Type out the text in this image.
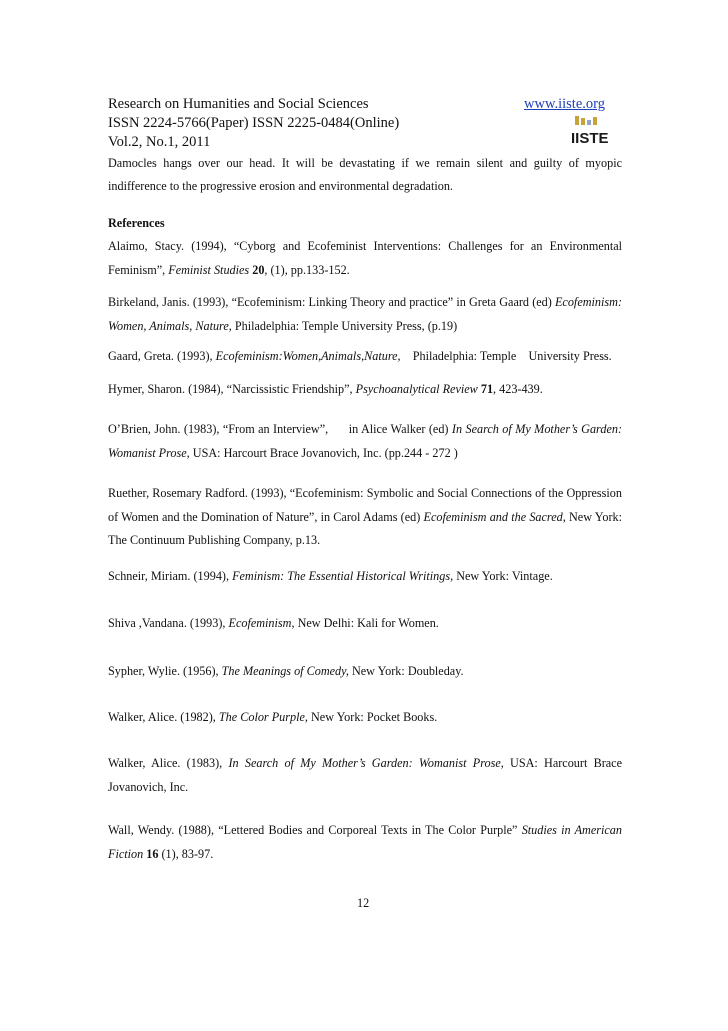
Research on Humanities and Social Sciences
ISSN 2224-5766(Paper) ISSN 2225-0484(Online)
Vol.2, No.1, 2011
www.iiste.org
IISTE
Damocles hangs over our head. It will be devastating if we remain silent and guilty of myopic indifference to the progressive erosion and environmental degradation.
References
Alaimo, Stacy. (1994), “Cyborg and Ecofeminist Interventions: Challenges for an Environmental Feminism”, Feminist Studies 20, (1), pp.133-152.
Birkeland, Janis. (1993), “Ecofeminism: Linking Theory and practice” in Greta Gaard (ed) Ecofeminism: Women, Animals, Nature, Philadelphia: Temple University Press, (p.19)
Gaard, Greta. (1993), Ecofeminism:Women,Animals,Nature,    Philadelphia: Temple    University Press.
Hymer, Sharon. (1984), “Narcissistic Friendship”, Psychoanalytical Review 71, 423-439.
O’Brien, John. (1983), “From an Interview”,      in Alice Walker (ed) In Search of My Mother’s Garden: Womanist Prose, USA: Harcourt Brace Jovanovich, Inc. (pp.244 - 272 )
Ruether, Rosemary Radford. (1993), “Ecofeminism: Symbolic and Social Connections of the Oppression of Women and the Domination of Nature”, in Carol Adams (ed) Ecofeminism and the Sacred, New York: The Continuum Publishing Company, p.13.
Schneir, Miriam. (1994), Feminism: The Essential Historical Writings, New York: Vintage.
Shiva ,Vandana. (1993), Ecofeminism, New Delhi: Kali for Women.
Sypher, Wylie. (1956), The Meanings of Comedy, New York: Doubleday.
Walker, Alice. (1982), The Color Purple, New York: Pocket Books.
Walker, Alice. (1983), In Search of My Mother’s Garden: Womanist Prose, USA: Harcourt Brace Jovanovich, Inc.
Wall, Wendy. (1988), “Lettered Bodies and Corporeal Texts in The Color Purple” Studies in American Fiction 16 (1), 83-97.
12
